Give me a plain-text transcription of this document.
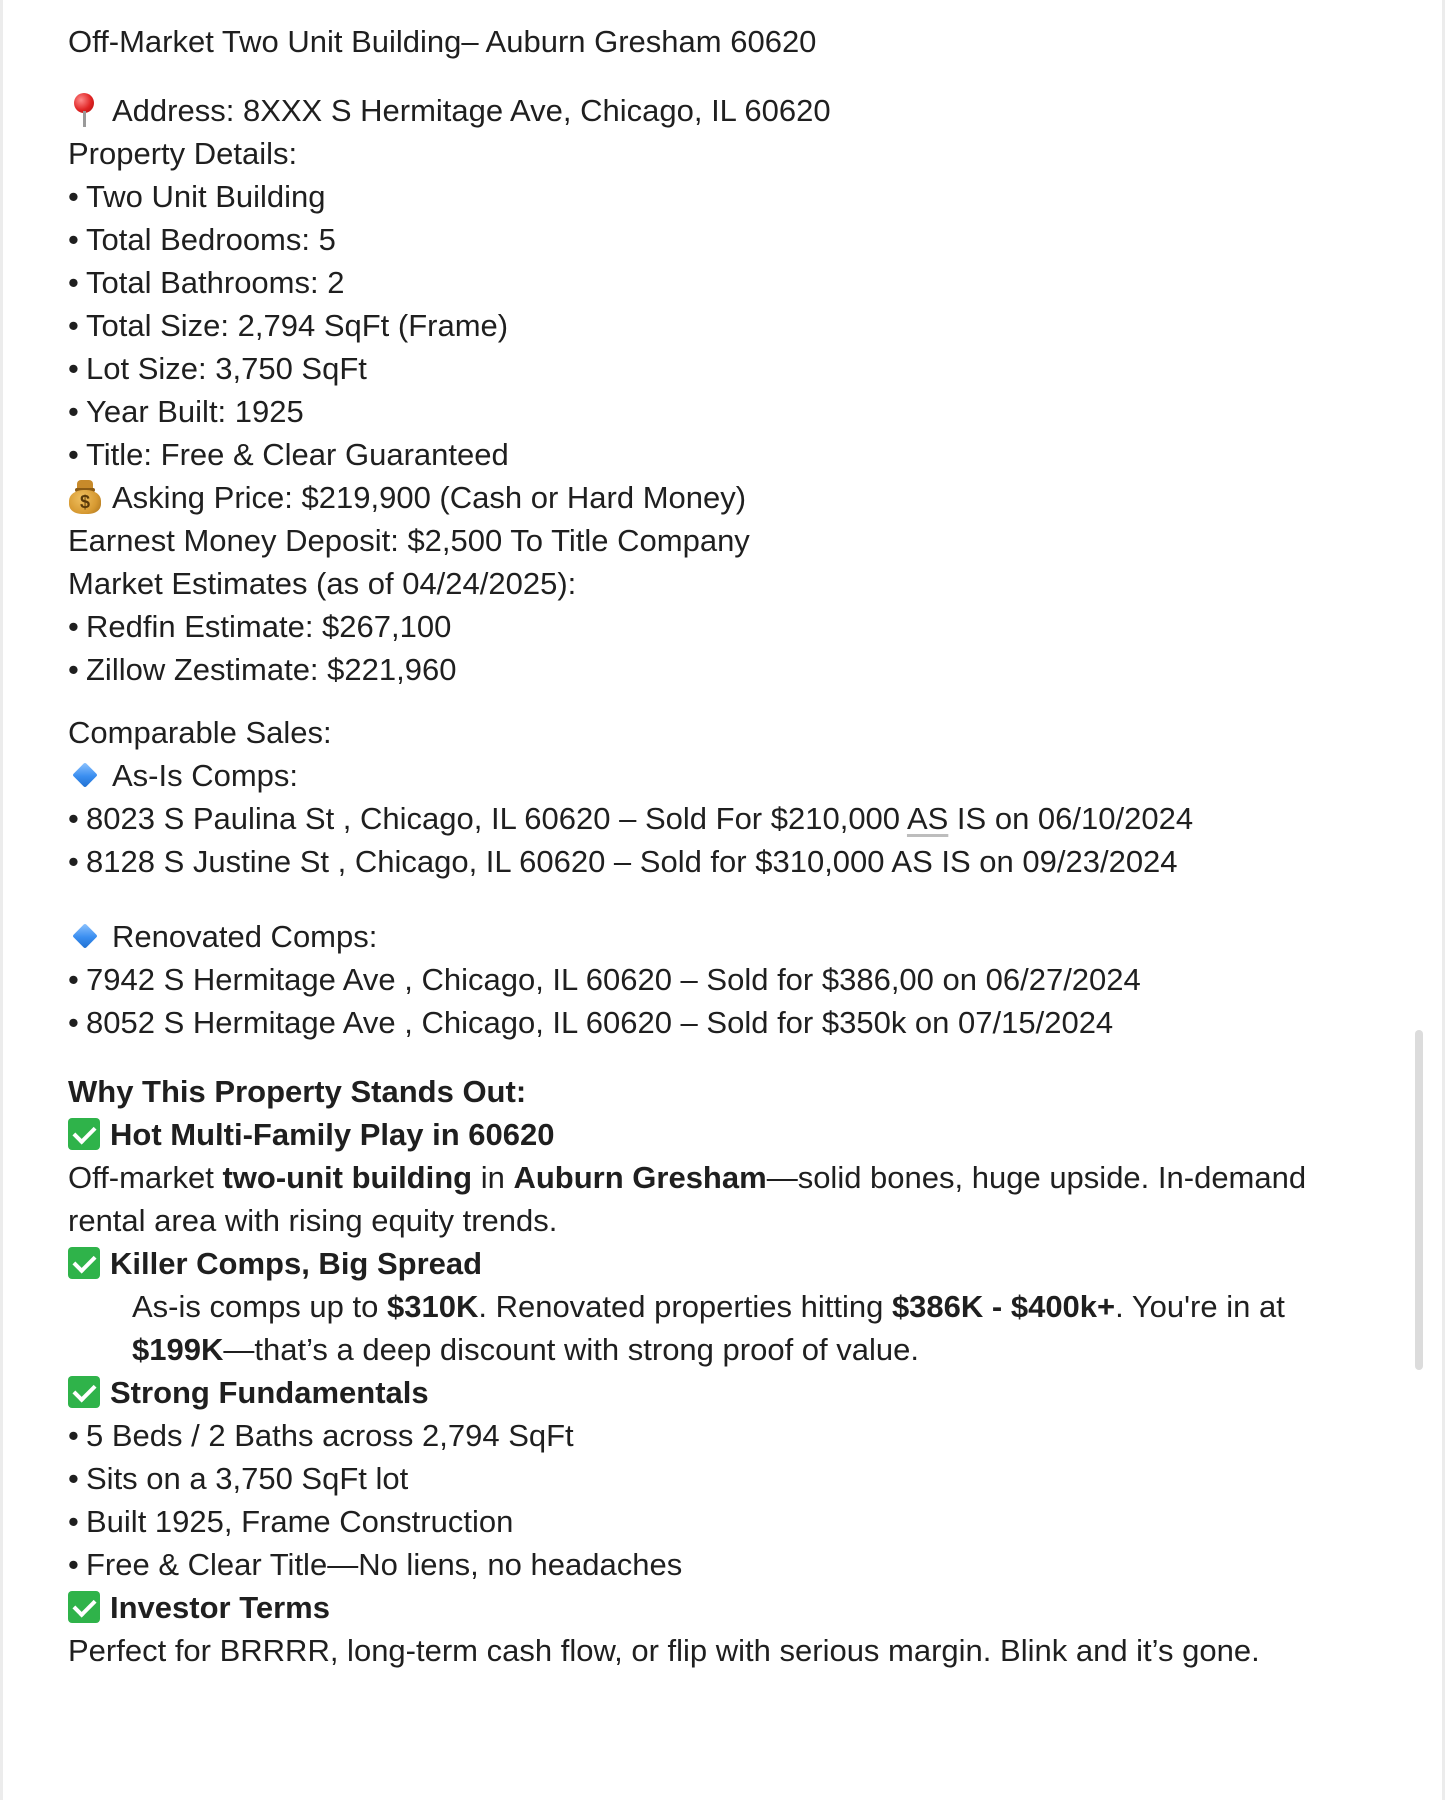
Off-Market Two Unit Building– Auburn Gresham 60620
Address: 8XXX S Hermitage Ave, Chicago, IL 60620
Property Details:
• Two Unit Building
• Total Bedrooms: 5
• Total Bathrooms: 2
• Total Size: 2,794 SqFt (Frame)
• Lot Size: 3,750 SqFt
• Year Built: 1925
• Title: Free & Clear Guaranteed
$ Asking Price: $219,900 (Cash or Hard Money)
Earnest Money Deposit: $2,500 To Title Company
Market Estimates (as of 04/24/2025):
• Redfin Estimate: $267,100
• Zillow Zestimate: $221,960
Comparable Sales:
As-Is Comps:
• 8023 S Paulina St , Chicago, IL 60620 – Sold For $210,000 AS IS on 06/10/2024
• 8128 S Justine St , Chicago, IL 60620 – Sold for $310,000 AS IS on 09/23/2024
Renovated Comps:
• 7942 S Hermitage Ave , Chicago, IL 60620 – Sold for $386,00 on 06/27/2024
• 8052 S Hermitage Ave , Chicago, IL 60620 – Sold for $350k on 07/15/2024
Why This Property Stands Out:
Hot Multi-Family Play in 60620
Off-market two-unit building in Auburn Gresham—solid bones, huge upside. In-demand rental area with rising equity trends.
Killer Comps, Big Spread
As-is comps up to $310K. Renovated properties hitting $386K - $400k+. You're in at $199K—that’s a deep discount with strong proof of value.
Strong Fundamentals
• 5 Beds / 2 Baths across 2,794 SqFt
• Sits on a 3,750 SqFt lot
• Built 1925, Frame Construction
• Free & Clear Title—No liens, no headaches
Investor Terms
Perfect for BRRRR, long-term cash flow, or flip with serious margin. Blink and it’s gone.
